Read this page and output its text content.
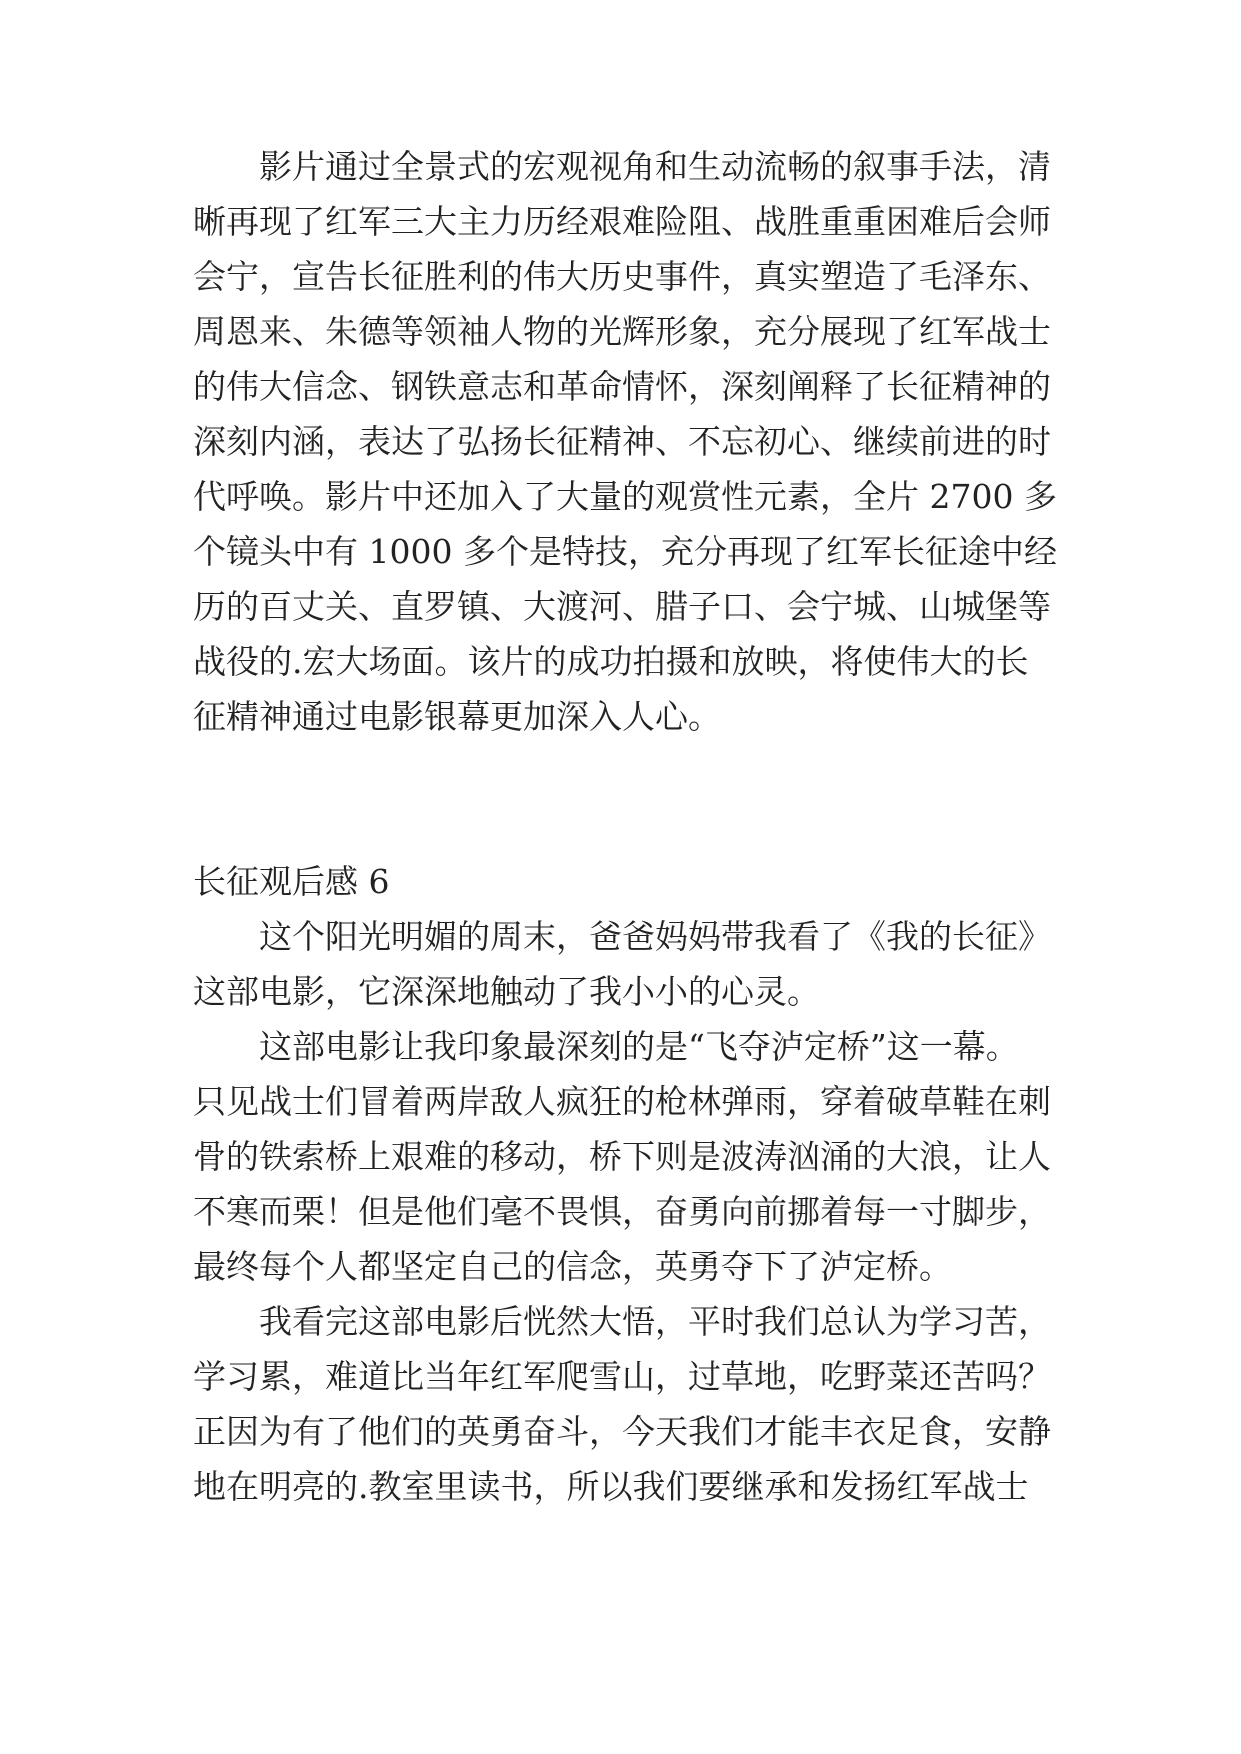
影片通过全景式的宏观视角和生动流畅的叙事手法，清
晰再现了红军三大主力历经艰难险阻、战胜重重困难后会师
会宁，宣告长征胜利的伟大历史事件，真实塑造了毛泽东、
周恩来、朱德等领袖人物的光辉形象，充分展现了红军战士
的伟大信念、钢铁意志和革命情怀，深刻阐释了长征精神的
深刻内涵，表达了弘扬长征精神、不忘初心、继续前进的时
代呼唤。影片中还加入了大量的观赏性元素，全片 2700 多
个镜头中有 1000 多个是特技，充分再现了红军长征途中经
历的百丈关、直罗镇、大渡河、腊子口、会宁城、山城堡等
战役的.宏大场面。该片的成功拍摄和放映，将使伟大的长
征精神通过电影银幕更加深入人心。
长征观后感 6
这个阳光明媚的周末，爸爸妈妈带我看了《我的长征》
这部电影，它深深地触动了我小小的心灵。
这部电影让我印象最深刻的是“飞夺泸定桥”这一幕。
只见战士们冒着两岸敌人疯狂的枪林弹雨，穿着破草鞋在刺
骨的铁索桥上艰难的移动，桥下则是波涛汹涌的大浪，让人
不寒而栗！但是他们毫不畏惧，奋勇向前挪着每一寸脚步，
最终每个人都坚定自己的信念，英勇夺下了泸定桥。
我看完这部电影后恍然大悟，平时我们总认为学习苦，
学习累，难道比当年红军爬雪山，过草地，吃野菜还苦吗？
正因为有了他们的英勇奋斗，今天我们才能丰衣足食，安静
地在明亮的.教室里读书，所以我们要继承和发扬红军战士
